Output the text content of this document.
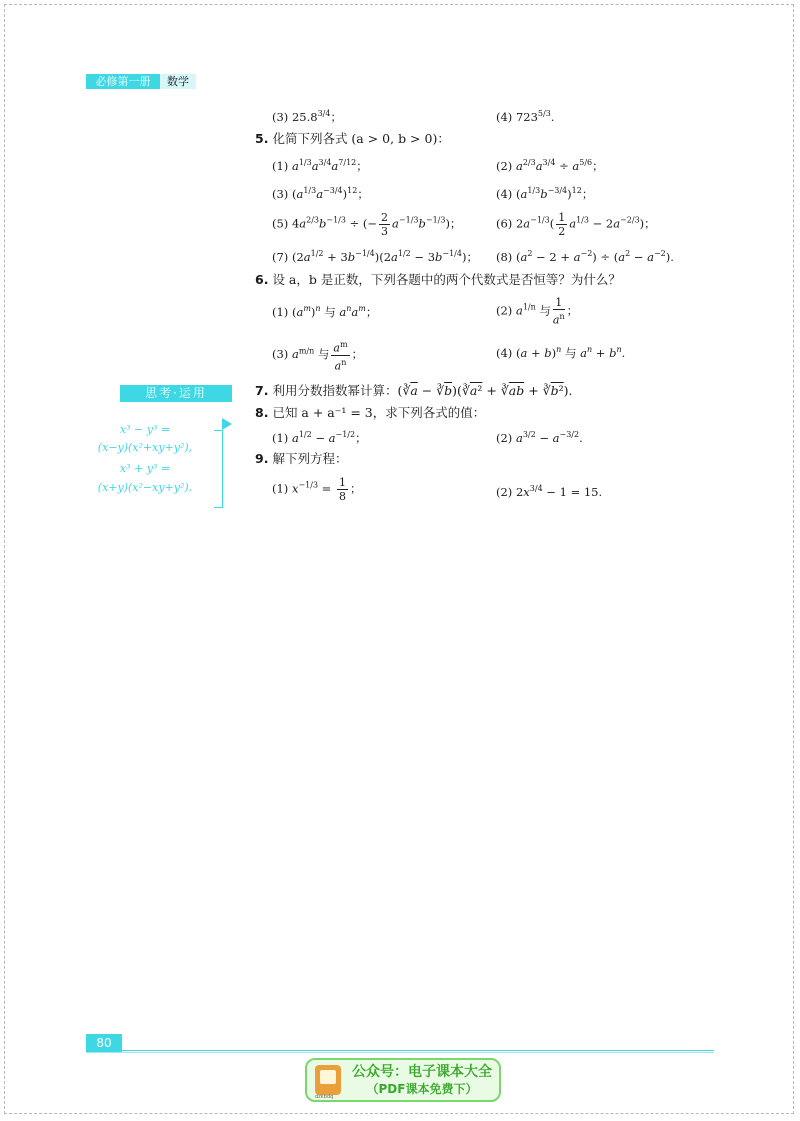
必修第一册	数学
(3) 25.83/4；	(4) 7235/3.
5. 化简下列各式 (a > 0, b > 0)：
(1) $a^{1/3}a^{3/4}a^{7/12}$；	(2) $a^{2/3}a^{3/4} \div a^{5/6}$；
(3) $(a^{1/3}a^{-3/4})^{12}$；	(4) $(a^{1/3}b^{-3/4})^{12}$；
(5) $4a^{2/3}b^{-1/3}$ ÷ (− $\frac{2}{3} a^{-1/3}b^{-1/3}$)；	(6) $2a^{-1/3}( \frac{1}{2} a^{1/3} - 2a^{-2/3})$；
(7) $(2a^{1/2} + 3b^{-1/4})(2a^{1/2} - 3b^{-1/4})$； (8) $(a^2 - 2 + a^{-2}) \div (a^2 - a^{-2})$.
6. 设 a，b 是正数，下列各题中的两个代数式是否恒等？为什么？
(1) $(a^m)^n$ 与 $a^na^m$；	(2) $a^{1/n}$ 与 $\frac{1}{a^n}$ ；
(3) $a^{m/n}$ 与 $\frac{a^m}{a^n}$ ；	(4) $(a + b)^n$ 与 $a^n + b^n$.
思考·运用
x³ − y³ =
(x−y)(x²+xy+y²),
x³ + y³ =
(x+y)(x²−xy+y²).
7. 利用分数指数幂计算：($∛\overline{a}$ − $∛\overline{b})(∛a^2$ + $∛\overline{ab}$ + ∛b²).
8. 已知 a + a⁻¹ = 3，求下列各式的值：
(1) $a^{1/2} - a^{-1/2}$；	(2) $a^{3/2} - a^{-3/2}$.
9. 解下列方程：
(1) $x^{-1/3} = \frac{1}{8}$ ；	(2) $2x^{3/4} - 1 = 15$.
80
dzkbdq
公众号：电子课本大全
（PDF课本免费下）
